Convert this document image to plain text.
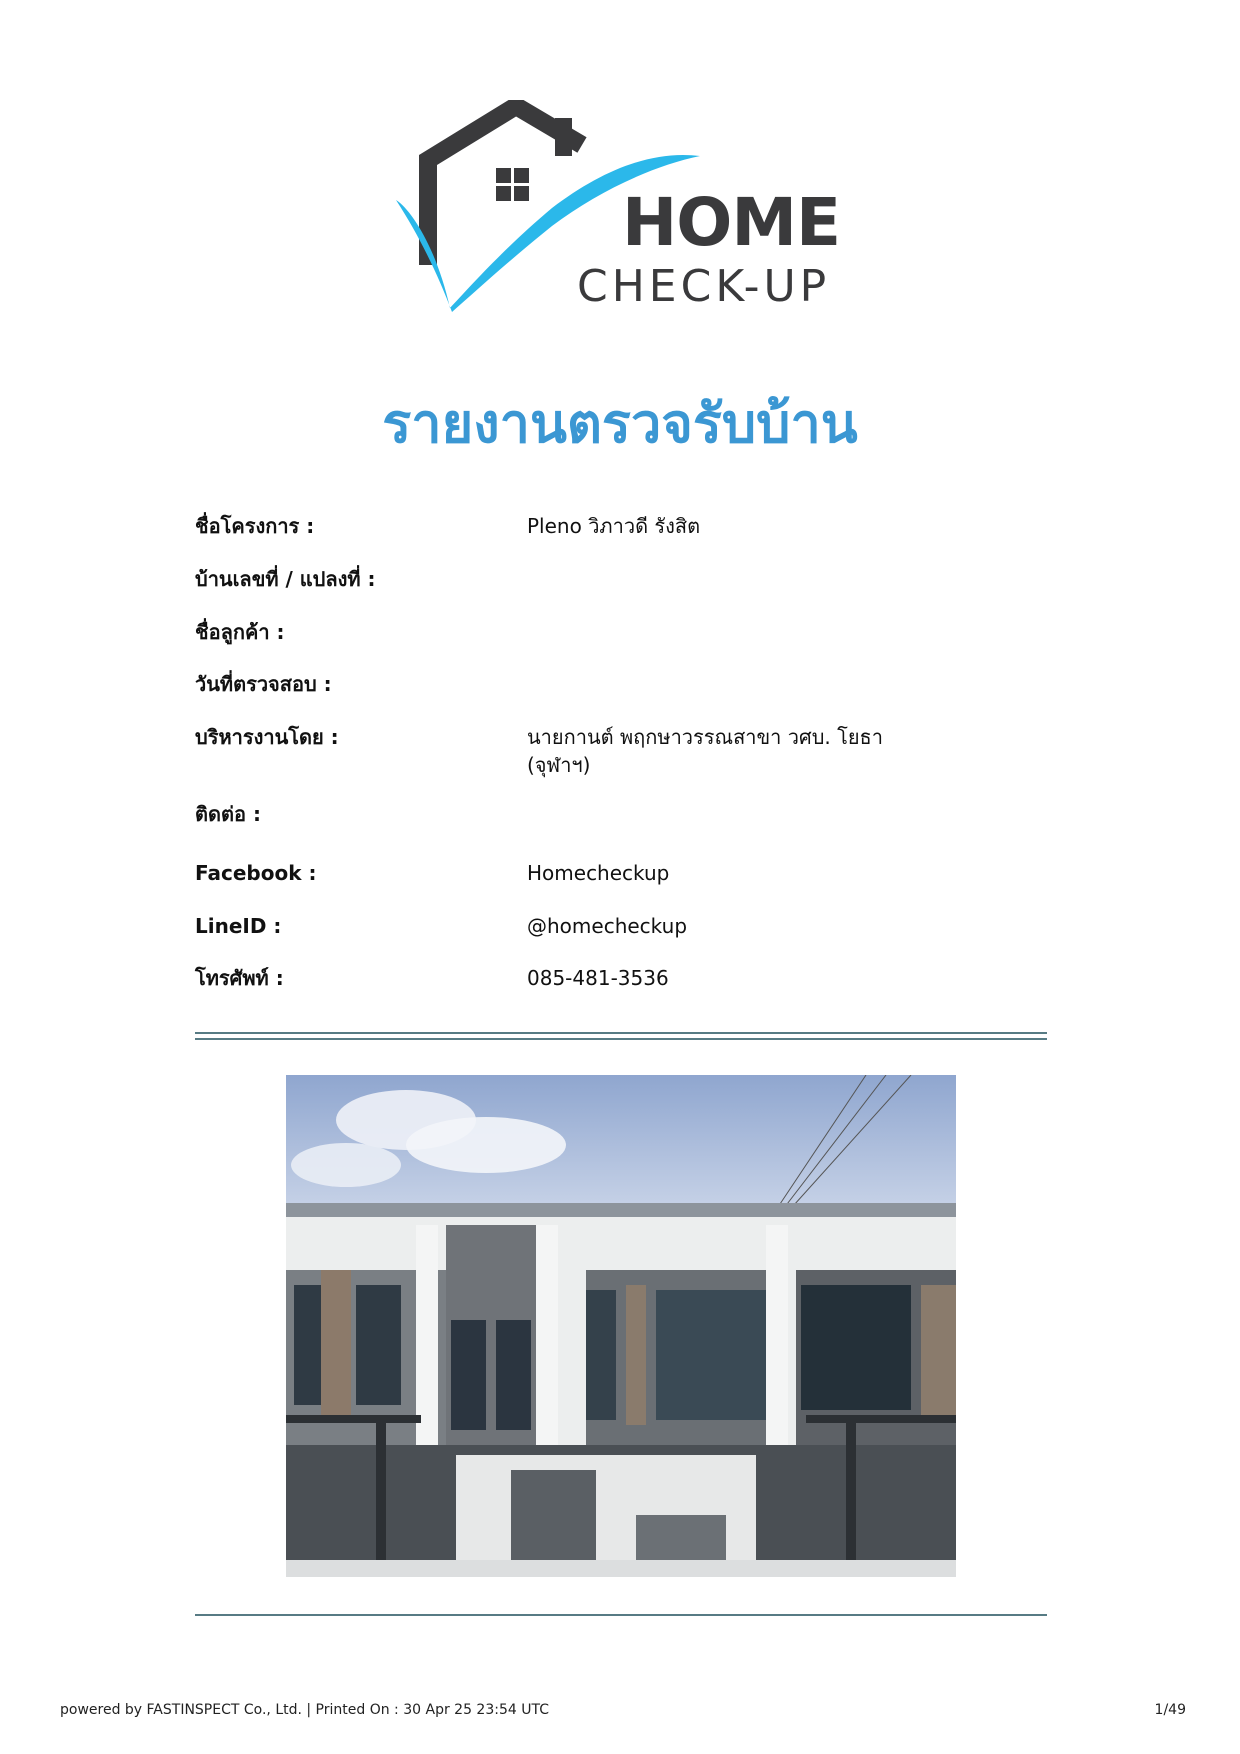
HOME
CHECK-UP
รายงานตรวจรับบ้าน
ชื่อโครงการ :	Pleno วิภาวดี รังสิต
บ้านเลขที่ / แปลงที่ :
ชื่อลูกค้า :
วันที่ตรวจสอบ :
บริหารงานโดย :	นายกานต์ พฤกษาวรรณสาขา วศบ. โยธา (จุฬาฯ)
ติดต่อ :
Facebook :	Homecheckup
LineID :	@homecheckup
โทรศัพท์ :	085-481-3536
powered by FASTINSPECT Co., Ltd. | Printed On : 30 Apr 25 23:54 UTC	1/49
